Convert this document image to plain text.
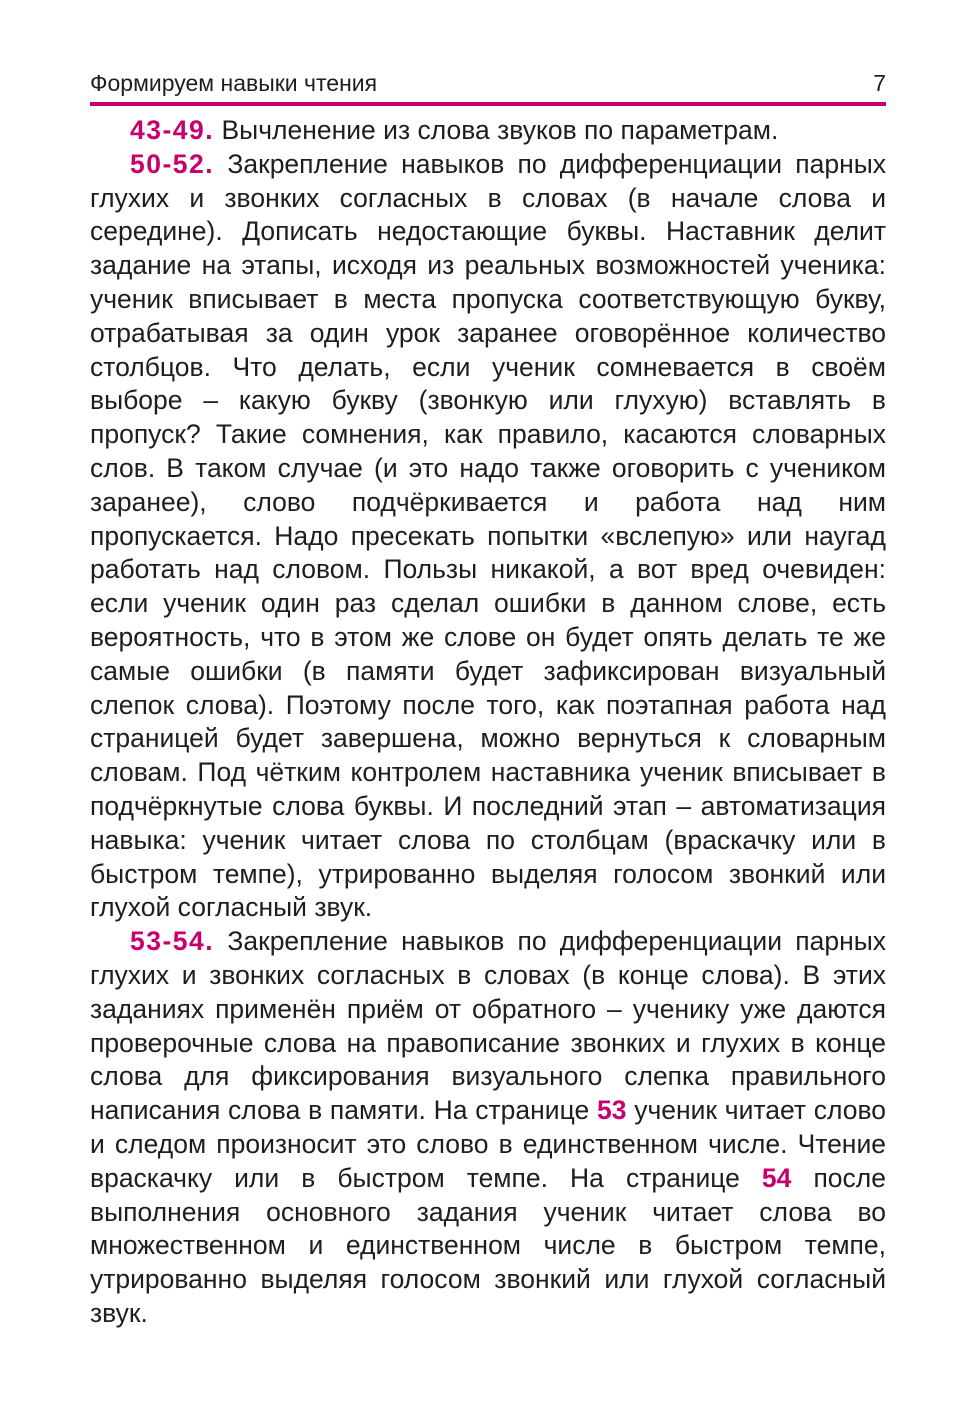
Формируем навыки чтения	7

43-49. Вычленение из слова звуков по параметрам.

50-52. Закрепление навыков по дифференциации парных глухих и звонких согласных в словах (в начале слова и середине). Дописать недостающие буквы. Наставник делит задание на этапы, исходя из реальных возможностей ученика: ученик вписывает в места пропуска соответствующую букву, отрабатывая за один урок заранее оговорённое количество столбцов. Что делать, если ученик сомневается в своём выборе – какую букву (звонкую или глухую) вставлять в пропуск? Такие сомнения, как правило, касаются словарных слов. В таком случае (и это надо также оговорить с учеником заранее), слово подчёркивается и работа над ним пропускается. Надо пресекать попытки «вслепую» или наугад работать над словом. Пользы никакой, а вот вред очевиден: если ученик один раз сделал ошибки в данном слове, есть вероятность, что в этом же слове он будет опять делать те же самые ошибки (в памяти будет зафиксирован визуальный слепок слова). Поэтому после того, как поэтапная работа над страницей будет завершена, можно вернуться к словарным словам. Под чётким контролем наставника ученик вписывает в подчёркнутые слова буквы. И последний этап – автоматизация навыка: ученик читает слова по столбцам (враскачку или в быстром темпе), утрированно выделяя голосом звонкий или глухой согласный звук.

53-54. Закрепление навыков по дифференциации парных глухих и звонких согласных в словах (в конце слова). В этих заданиях применён приём от обратного – ученику уже даются проверочные слова на правописание звонких и глухих в конце слова для фиксирования визуального слепка правильного написания слова в памяти. На странице 53 ученик читает слово и следом произносит это слово в единственном числе. Чтение враскачку или в быстром темпе. На странице 54 после выполнения основного задания ученик читает слова во множественном и единственном числе в быстром темпе, утрированно выделяя голосом звонкий или глухой согласный звук.
